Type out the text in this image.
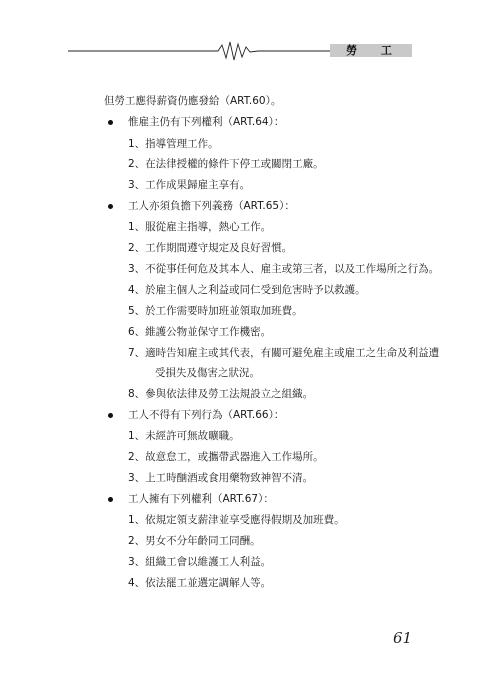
勞 工
但勞工應得薪資仍應發給（ART.60）。
惟雇主仍有下列權利（ART.64）：
1、指導管理工作。
2、在法律授權的條件下停工或關閉工廠。
3、工作成果歸雇主享有。
工人亦須負擔下列義務（ART.65）：
1、服從雇主指導，熱心工作。
2、工作期間遵守規定及良好習慣。
3、不從事任何危及其本人、雇主或第三者，以及工作場所之行為。
4、於雇主個人之利益或同仁受到危害時予以救護。
5、於工作需要時加班並領取加班費。
6、維護公物並保守工作機密。
7、適時告知雇主或其代表，有關可避免雇主或雇工之生命及利益遭
受損失及傷害之狀況。
8、參與依法律及勞工法規設立之組織。
工人不得有下列行為（ART.66）：
1、未經許可無故曠職。
2、故意怠工，或攜帶武器進入工作場所。
3、上工時酗酒或食用藥物致神智不清。
工人擁有下列權利（ART.67）：
1、依規定領支薪津並享受應得假期及加班費。
2、男女不分年齡同工同酬。
3、組織工會以維護工人利益。
4、依法罷工並選定調解人等。
61
